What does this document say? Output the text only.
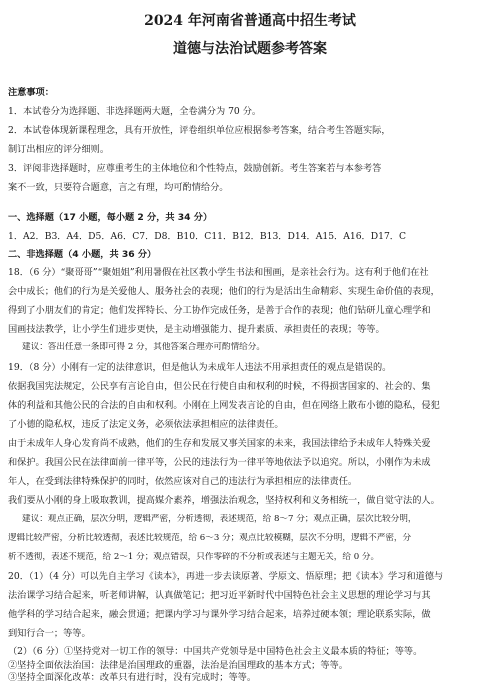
2024 年河南省普通高中招生考试
道德与法治试题参考答案
注意事项：
1．本试卷分为选择题、非选择题两大题，全卷满分为 70 分。
2．本试卷体现新课程理念，具有开放性，评卷组织单位应根据参考答案，结合考生答题实际，
制订出相应的评分细则。
3．评阅非选择题时，应尊重考生的主体地位和个性特点，鼓励创新。考生答案若与本参考答
案不一致，只要符合题意，言之有理，均可酌情给分。
一、选择题（17 小题，每小题 2 分，共 34 分）
1．A2．B3．A4．D5．A6．C7．D8．B10．C11．B12．B13．D14．A15．A16．D17．C
二、非选择题（4 小题，共 36 分）
18．（6 分）“聚哥哥”“聚姐姐”利用暑假在社区教小学生书法和围画，是亲社会行为。这有利于他们在社
会中成长；他们的行为是关爱他人、服务社会的表现；他们的行为是活出生命精彩、实现生命价值的表现，
得到了小朋友们的肯定；他们发挥特长、分工协作完成任务，是善于合作的表现；他们钻研儿童心理学和
国画技法教学，让小学生们进步更快，是主动增强能力、提升素质、承担责任的表现；等等。
建议：答出任意一条即可得 2 分，其他答案合理亦可酌情给分。
19．（8 分）小刚有一定的法律意识，但是他认为未成年人违法不用承担责任的观点是错误的。
依据我国宪法规定，公民享有言论自由，但公民在行使自由和权利的时候，不得损害国家的、社会的、集
体的利益和其他公民的合法的自由和权利。小刚在上网发表言论的自由，但在网络上散布小德的隐私，侵犯
了小德的隐私权，违反了法定义务，必须依法承担相应的法律责任。
由于未成年人身心发育尚不成熟，他们的生存和发展又事关国家的未来，我国法律给予未成年人特殊关爱
和保护。我国公民在法律面前一律平等，公民的违法行为一律平等地依法予以追究。所以，小刚作为未成
年人，在受到法律特殊保护的同时，依然应该对自己的违法行为承担相应的法律责任。
我们要从小刚的身上吸取教训，提高媒介素养，增强法治观念，坚持权利和义务相统一，做自觉守法的人。
建议：观点正确，层次分明，逻辑严密，分析透彻，表述规范，给 8～7 分；观点正确，层次比较分明，
逻辑比较严密，分析比较透彻，表述比较规范，给 6～3 分；观点比较模糊，层次不分明，逻辑不严密，分
析不透彻，表述不规范，给 2～1 分；观点错误，只作零碎的不分析或表述与主题无关，给 0 分。
20．（1）（4 分）可以先自主学习《读本》，再进一步去读原著、学原文、悟原理；把《读本》学习和道德与
法治课学习结合起来，听老师讲解，认真做笔记；把习近平新时代中国特色社会主义思想的理论学习与其
他学科的学习结合起来，融会贯通；把课内学习与课外学习结合起来，培养过硬本领；理论联系实际，做
到知行合一；等等。
（2）（6 分）①坚持党对一切工作的领导：中国共产党领导是中国特色社会主义最本质的特征；等等。
②坚持全面依法治国：法律是治国理政的重器，法治是治国理政的基本方式；等等。
③坚持全面深化改革：改革只有进行时，没有完成时；等等。
